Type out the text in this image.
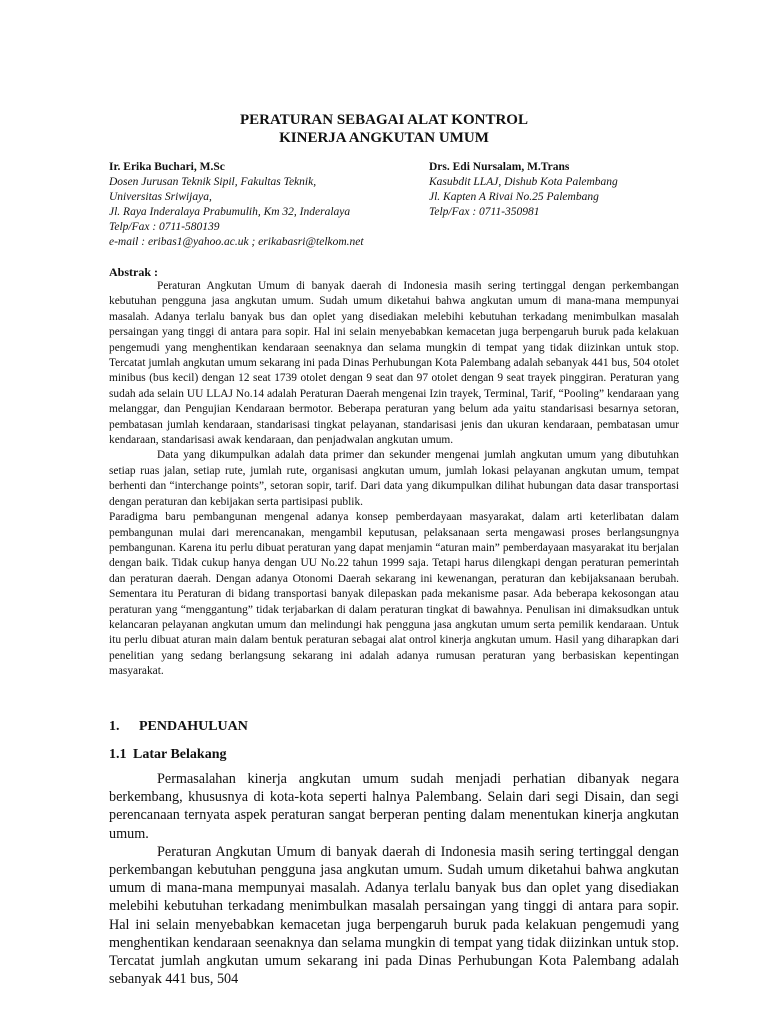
PERATURAN SEBAGAI ALAT KONTROL
KINERJA ANGKUTAN UMUM
Ir. Erika Buchari, M.Sc
Dosen Jurusan Teknik Sipil, Fakultas Teknik,
Universitas Sriwijaya,
Jl. Raya Inderalaya Prabumulih, Km 32, Inderalaya
Telp/Fax : 0711-580139
e-mail : eribas1@yahoo.ac.uk ; erikabasri@telkom.net
Drs. Edi Nursalam, M.Trans
Kasubdit LLAJ, Dishub Kota Palembang
Jl. Kapten A Rivai No.25 Palembang
Telp/Fax : 0711-350981
Abstrak :

Peraturan Angkutan Umum di banyak daerah di Indonesia masih sering tertinggal dengan perkembangan kebutuhan pengguna jasa angkutan umum. Sudah umum diketahui bahwa angkutan umum di mana-mana mempunyai masalah. Adanya terlalu banyak bus dan oplet yang disediakan melebihi kebutuhan terkadang menimbulkan masalah persaingan yang tinggi di antara para sopir. Hal ini selain menyebabkan kemacetan juga berpengaruh buruk pada kelakuan pengemudi yang menghentikan kendaraan seenaknya dan selama mungkin di tempat yang tidak diizinkan untuk stop. Tercatat jumlah angkutan umum sekarang ini pada Dinas Perhubungan Kota Palembang adalah sebanyak 441 bus, 504 otolet minibus (bus kecil) dengan 12 seat 1739 otolet dengan 9 seat dan 97 otolet dengan 9 seat trayek pinggiran. Peraturan yang sudah ada selain UU LLAJ No.14 adalah Peraturan Daerah mengenai Izin trayek, Terminal, Tarif, “Pooling” kendaraan yang melanggar, dan Pengujian Kendaraan bermotor. Beberapa peraturan yang belum ada yaitu standarisasi besarnya setoran, pembatasan jumlah kendaraan, standarisasi tingkat pelayanan, standarisasi jenis dan ukuran kendaraan, pembatasan umur kendaraan, standarisasi awak kendaraan, dan penjadwalan angkutan umum.

Data yang dikumpulkan adalah data primer dan sekunder mengenai jumlah angkutan umum yang dibutuhkan setiap ruas jalan, setiap rute, jumlah rute, organisasi angkutan umum, jumlah lokasi pelayanan angkutan umum, tempat berhenti dan “interchange points”, setoran sopir, tarif. Dari data yang dikumpulkan dilihat hubungan data dasar transportasi dengan peraturan dan kebijakan serta partisipasi publik.

Paradigma baru pembangunan mengenal adanya konsep pemberdayaan masyarakat, dalam arti keterlibatan dalam pembangunan mulai dari merencanakan, mengambil keputusan, pelaksanaan serta mengawasi proses berlangsungnya pembangunan. Karena itu perlu dibuat peraturan yang dapat menjamin “aturan main” pemberdayaan masyarakat itu berjalan dengan baik. Tidak cukup hanya dengan UU No.22 tahun 1999 saja. Tetapi harus dilengkapi dengan peraturan pemerintah dan peraturan daerah. Dengan adanya Otonomi Daerah sekarang ini kewenangan, peraturan dan kebijaksanaan berubah. Sementara itu Peraturan di bidang transportasi banyak dilepaskan pada mekanisme pasar. Ada beberapa kekosongan atau peraturan yang “menggantung” tidak terjabarkan di dalam peraturan tingkat di bawahnya. Penulisan ini dimaksudkan untuk kelancaran pelayanan angkutan umum dan melindungi hak pengguna jasa angkutan umum serta pemilik kendaraan. Untuk itu perlu dibuat aturan main dalam bentuk peraturan sebagai alat ontrol kinerja angkutan umum. Hasil yang diharapkan dari penelitian yang sedang berlangsung sekarang ini adalah adanya rumusan peraturan yang berbasiskan kepentingan masyarakat.

1. PENDAHULUAN
1.1 Latar Belakang

Permasalahan kinerja angkutan umum sudah menjadi perhatian dibanyak negara berkembang, khususnya di kota-kota seperti halnya Palembang. Selain dari segi Disain, dan segi perencanaan ternyata aspek peraturan sangat berperan penting dalam menentukan kinerja angkutan umum.

Peraturan Angkutan Umum di banyak daerah di Indonesia masih sering tertinggal dengan perkembangan kebutuhan pengguna jasa angkutan umum. Sudah umum diketahui bahwa angkutan umum di mana-mana mempunyai masalah. Adanya terlalu banyak bus dan oplet yang disediakan melebihi kebutuhan terkadang menimbulkan masalah persaingan yang tinggi di antara para sopir. Hal ini selain menyebabkan kemacetan juga berpengaruh buruk pada kelakuan pengemudi yang menghentikan kendaraan seenaknya dan selama mungkin di tempat yang tidak diizinkan untuk stop. Tercatat jumlah angkutan umum sekarang ini pada Dinas Perhubungan Kota Palembang adalah sebanyak 441 bus, 504
